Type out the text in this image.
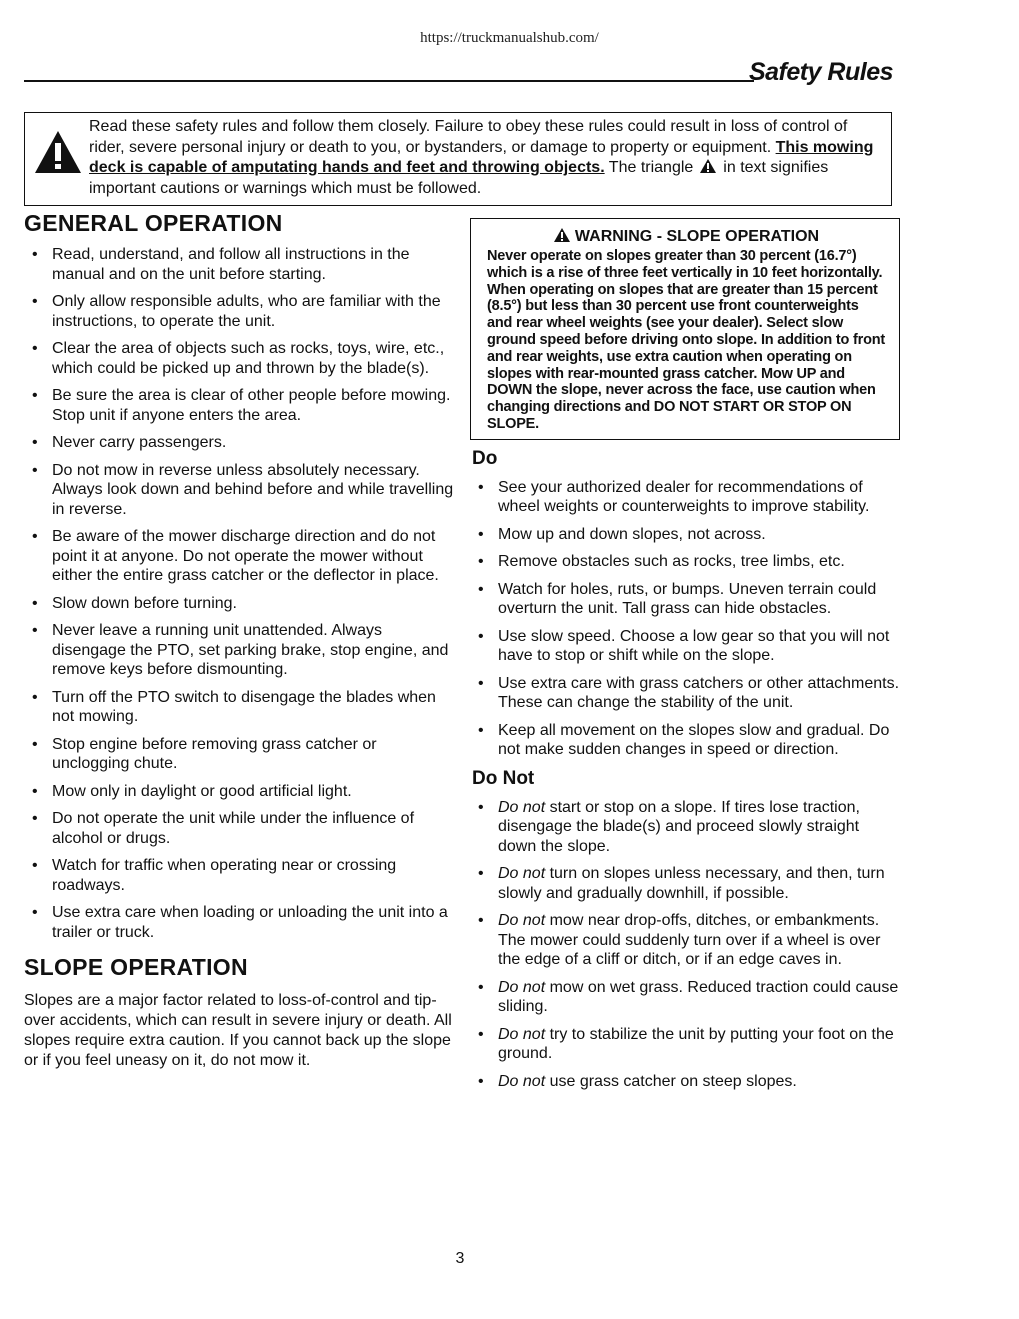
https://truckmanualshub.com/
Safety Rules
Read these safety rules and follow them closely. Failure to obey these rules could result in loss of control of rider, severe personal injury or death to you, or bystanders, or damage to property or equipment. This mowing deck is capable of amputating hands and feet and throwing objects. The triangle in text signifies important cautions or warnings which must be followed.
GENERAL OPERATION
• Read, understand, and follow all instructions in the manual and on the unit before starting.
• Only allow responsible adults, who are familiar with the instructions, to operate the unit.
• Clear the area of objects such as rocks, toys, wire, etc., which could be picked up and thrown by the blade(s).
• Be sure the area is clear of other people before mowing. Stop unit if anyone enters the area.
• Never carry passengers.
• Do not mow in reverse unless absolutely necessary. Always look down and behind before and while travelling in reverse.
• Be aware of the mower discharge direction and do not point it at anyone. Do not operate the mower without either the entire grass catcher or the deflector in place.
• Slow down before turning.
• Never leave a running unit unattended. Always disengage the PTO, set parking brake, stop engine, and remove keys before dismounting.
• Turn off the PTO switch to disengage the blades when not mowing.
• Stop engine before removing grass catcher or unclogging chute.
• Mow only in daylight or good artificial light.
• Do not operate the unit while under the influence of alcohol or drugs.
• Watch for traffic when operating near or crossing roadways.
• Use extra care when loading or unloading the unit into a trailer or truck.
SLOPE OPERATION

Slopes are a major factor related to loss-of-control and tip-over accidents, which can result in severe injury or death. All slopes require extra caution. If you cannot back up the slope or if you feel uneasy on it, do not mow it.

WARNING - SLOPE OPERATION
Never operate on slopes greater than 30 percent (16.7°) which is a rise of three feet vertically in 10 feet horizontally. When operating on slopes that are greater than 15 percent (8.5°) but less than 30 percent use front counterweights and rear wheel weights (see your dealer). Select slow ground speed before driving onto slope. In addition to front and rear weights, use extra caution when operating on slopes with rear-mounted grass catcher. Mow UP and DOWN the slope, never across the face, use caution when changing directions and DO NOT START OR STOP ON SLOPE.
Do
• See your authorized dealer for recommendations of wheel weights or counterweights to improve stability.
• Mow up and down slopes, not across.
• Remove obstacles such as rocks, tree limbs, etc.
• Watch for holes, ruts, or bumps. Uneven terrain could overturn the unit. Tall grass can hide obstacles.
• Use slow speed. Choose a low gear so that you will not have to stop or shift while on the slope.
• Use extra care with grass catchers or other attachments. These can change the stability of the unit.
• Keep all movement on the slopes slow and gradual. Do not make sudden changes in speed or direction.
Do Not
• Do not start or stop on a slope. If tires lose traction, disengage the blade(s) and proceed slowly straight down the slope.
• Do not turn on slopes unless necessary, and then, turn slowly and gradually downhill, if possible.
• Do not mow near drop-offs, ditches, or embankments. The mower could suddenly turn over if a wheel is over the edge of a cliff or ditch, or if an edge caves in.
• Do not mow on wet grass. Reduced traction could cause sliding.
• Do not try to stabilize the unit by putting your foot on the ground.
• Do not use grass catcher on steep slopes.
3
